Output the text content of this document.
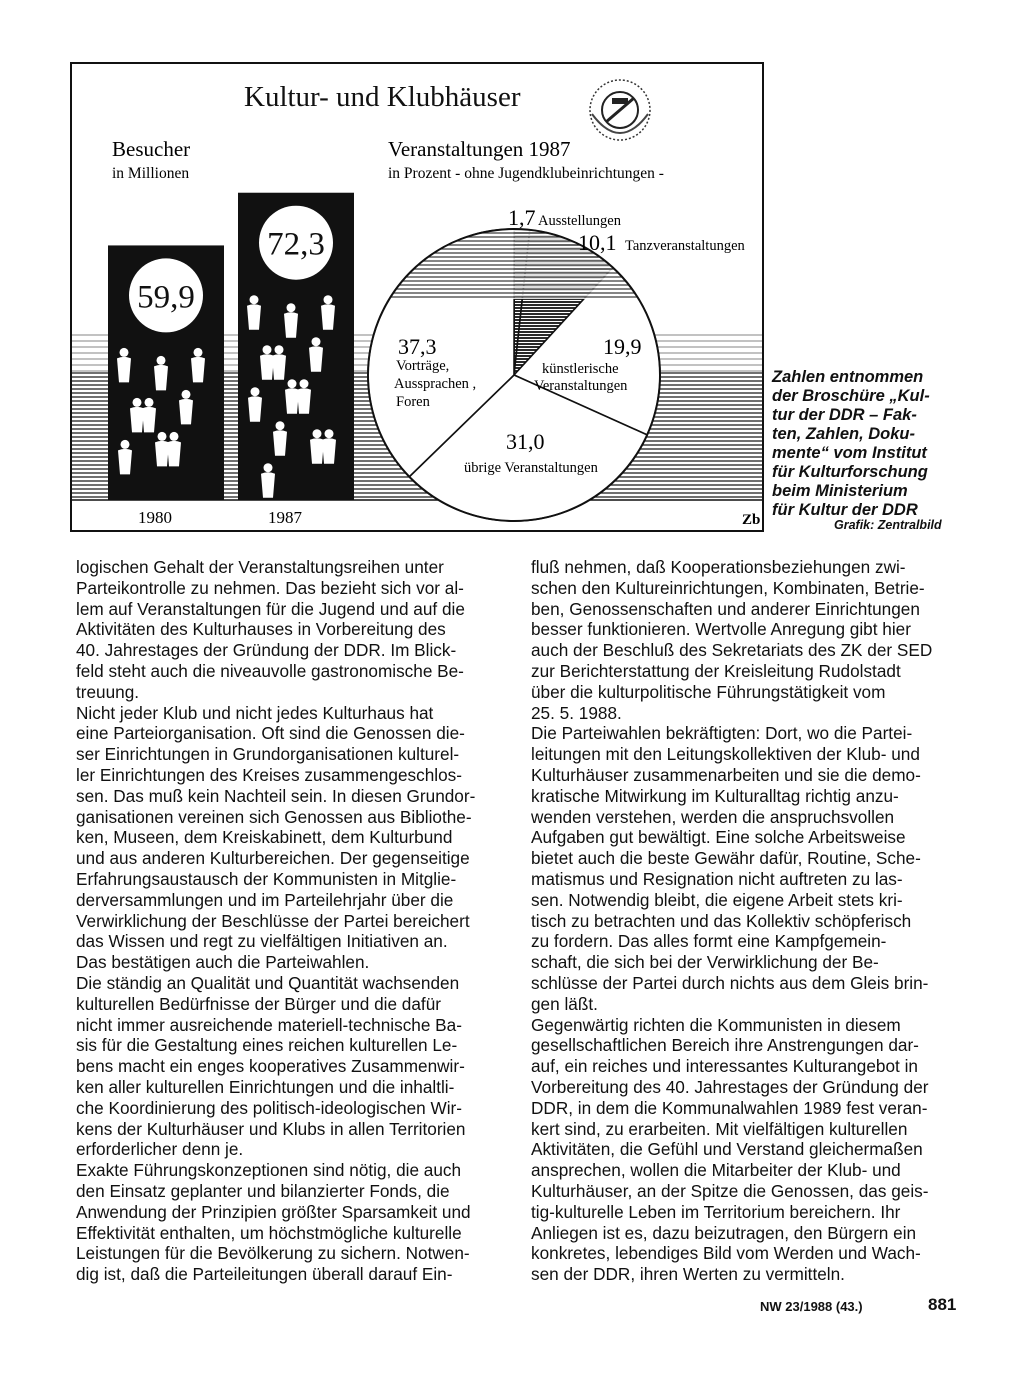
Kultur- und Klubhäuser
Besucher
in Millionen
59,9
72,3
Veranstaltungen 1987
in Prozent - ohne Jugendklubeinrichtungen -
1,7 Ausstellungen
10,1 Tanzveranstaltungen
19,9
künstlerische
Veranstaltungen
31,0
übrige Veranstaltungen
37,3
Vorträge,
Aussprachen ,
Foren
1980	1987	Zb
Zahlen entnommen
der Broschüre „Kul-
tur der DDR – Fak-
ten, Zahlen, Doku-
mente“ vom Institut
für Kulturforschung
beim Ministerium
für Kultur der DDR
Grafik: Zentralbild

logischen Gehalt der Veranstaltungsreihen unter
Parteikontrolle zu nehmen. Das bezieht sich vor al-
lem auf Veranstaltungen für die Jugend und auf die
Aktivitäten des Kulturhauses in Vorbereitung des
40. Jahrestages der Gründung der DDR. Im Blick-
feld steht auch die niveauvolle gastronomische Be-
treuung.

Nicht jeder Klub und nicht jedes Kulturhaus hat
eine Parteiorganisation. Oft sind die Genossen die-
ser Einrichtungen in Grundorganisationen kulturel-
ler Einrichtungen des Kreises zusammengeschlos-
sen. Das muß kein Nachteil sein. In diesen Grundor-
ganisationen vereinen sich Genossen aus Bibliothe-
ken, Museen, dem Kreiskabinett, dem Kulturbund
und aus anderen Kulturbereichen. Der gegenseitige
Erfahrungsaustausch der Kommunisten in Mitglie-
derversammlungen und im Parteilehrjahr über die
Verwirklichung der Beschlüsse der Partei bereichert
das Wissen und regt zu vielfältigen Initiativen an.
Das bestätigen auch die Parteiwahlen.

Die ständig an Qualität und Quantität wachsenden
kulturellen Bedürfnisse der Bürger und die dafür
nicht immer ausreichende materiell-technische Ba-
sis für die Gestaltung eines reichen kulturellen Le-
bens macht ein enges kooperatives Zusammenwir-
ken aller kulturellen Einrichtungen und die inhaltli-
che Koordinierung des politisch-ideologischen Wir-
kens der Kulturhäuser und Klubs in allen Territorien
erforderlicher denn je.

Exakte Führungskonzeptionen sind nötig, die auch
den Einsatz geplanter und bilanzierter Fonds, die
Anwendung der Prinzipien größter Sparsamkeit und
Effektivität enthalten, um höchstmögliche kulturelle
Leistungen für die Bevölkerung zu sichern. Notwen-
dig ist, daß die Parteileitungen überall darauf Ein-

fluß nehmen, daß Kooperationsbeziehungen zwi-
schen den Kultureinrichtungen, Kombinaten, Betrie-
ben, Genossenschaften und anderer Einrichtungen
besser funktionieren. Wertvolle Anregung gibt hier
auch der Beschluß des Sekretariats des ZK der SED
zur Berichterstattung der Kreisleitung Rudolstadt
über die kulturpolitische Führungstätigkeit vom
25. 5. 1988.

Die Parteiwahlen bekräftigten: Dort, wo die Partei-
leitungen mit den Leitungskollektiven der Klub- und
Kulturhäuser zusammenarbeiten und sie die demo-
kratische Mitwirkung im Kulturalltag richtig anzu-
wenden verstehen, werden die anspruchsvollen
Aufgaben gut bewältigt. Eine solche Arbeitsweise
bietet auch die beste Gewähr dafür, Routine, Sche-
matismus und Resignation nicht auftreten zu las-
sen. Notwendig bleibt, die eigene Arbeit stets kri-
tisch zu betrachten und das Kollektiv schöpferisch
zu fordern. Das alles formt eine Kampfgemein-
schaft, die sich bei der Verwirklichung der Be-
schlüsse der Partei durch nichts aus dem Gleis brin-
gen läßt.

Gegenwärtig richten die Kommunisten in diesem
gesellschaftlichen Bereich ihre Anstrengungen dar-
auf, ein reiches und interessantes Kulturangebot in
Vorbereitung des 40. Jahrestages der Gründung der
DDR, in dem die Kommunalwahlen 1989 fest veran-
kert sind, zu erarbeiten. Mit vielfältigen kulturellen
Aktivitäten, die Gefühl und Verstand gleichermaßen
ansprechen, wollen die Mitarbeiter der Klub- und
Kulturhäuser, an der Spitze die Genossen, das geis-
tig-kulturelle Leben im Territorium bereichern. Ihr
Anliegen ist es, dazu beizutragen, den Bürgern ein
konkretes, lebendiges Bild vom Werden und Wach-
sen der DDR, ihren Werten zu vermitteln.

NW 23/1988 (43.)	881
